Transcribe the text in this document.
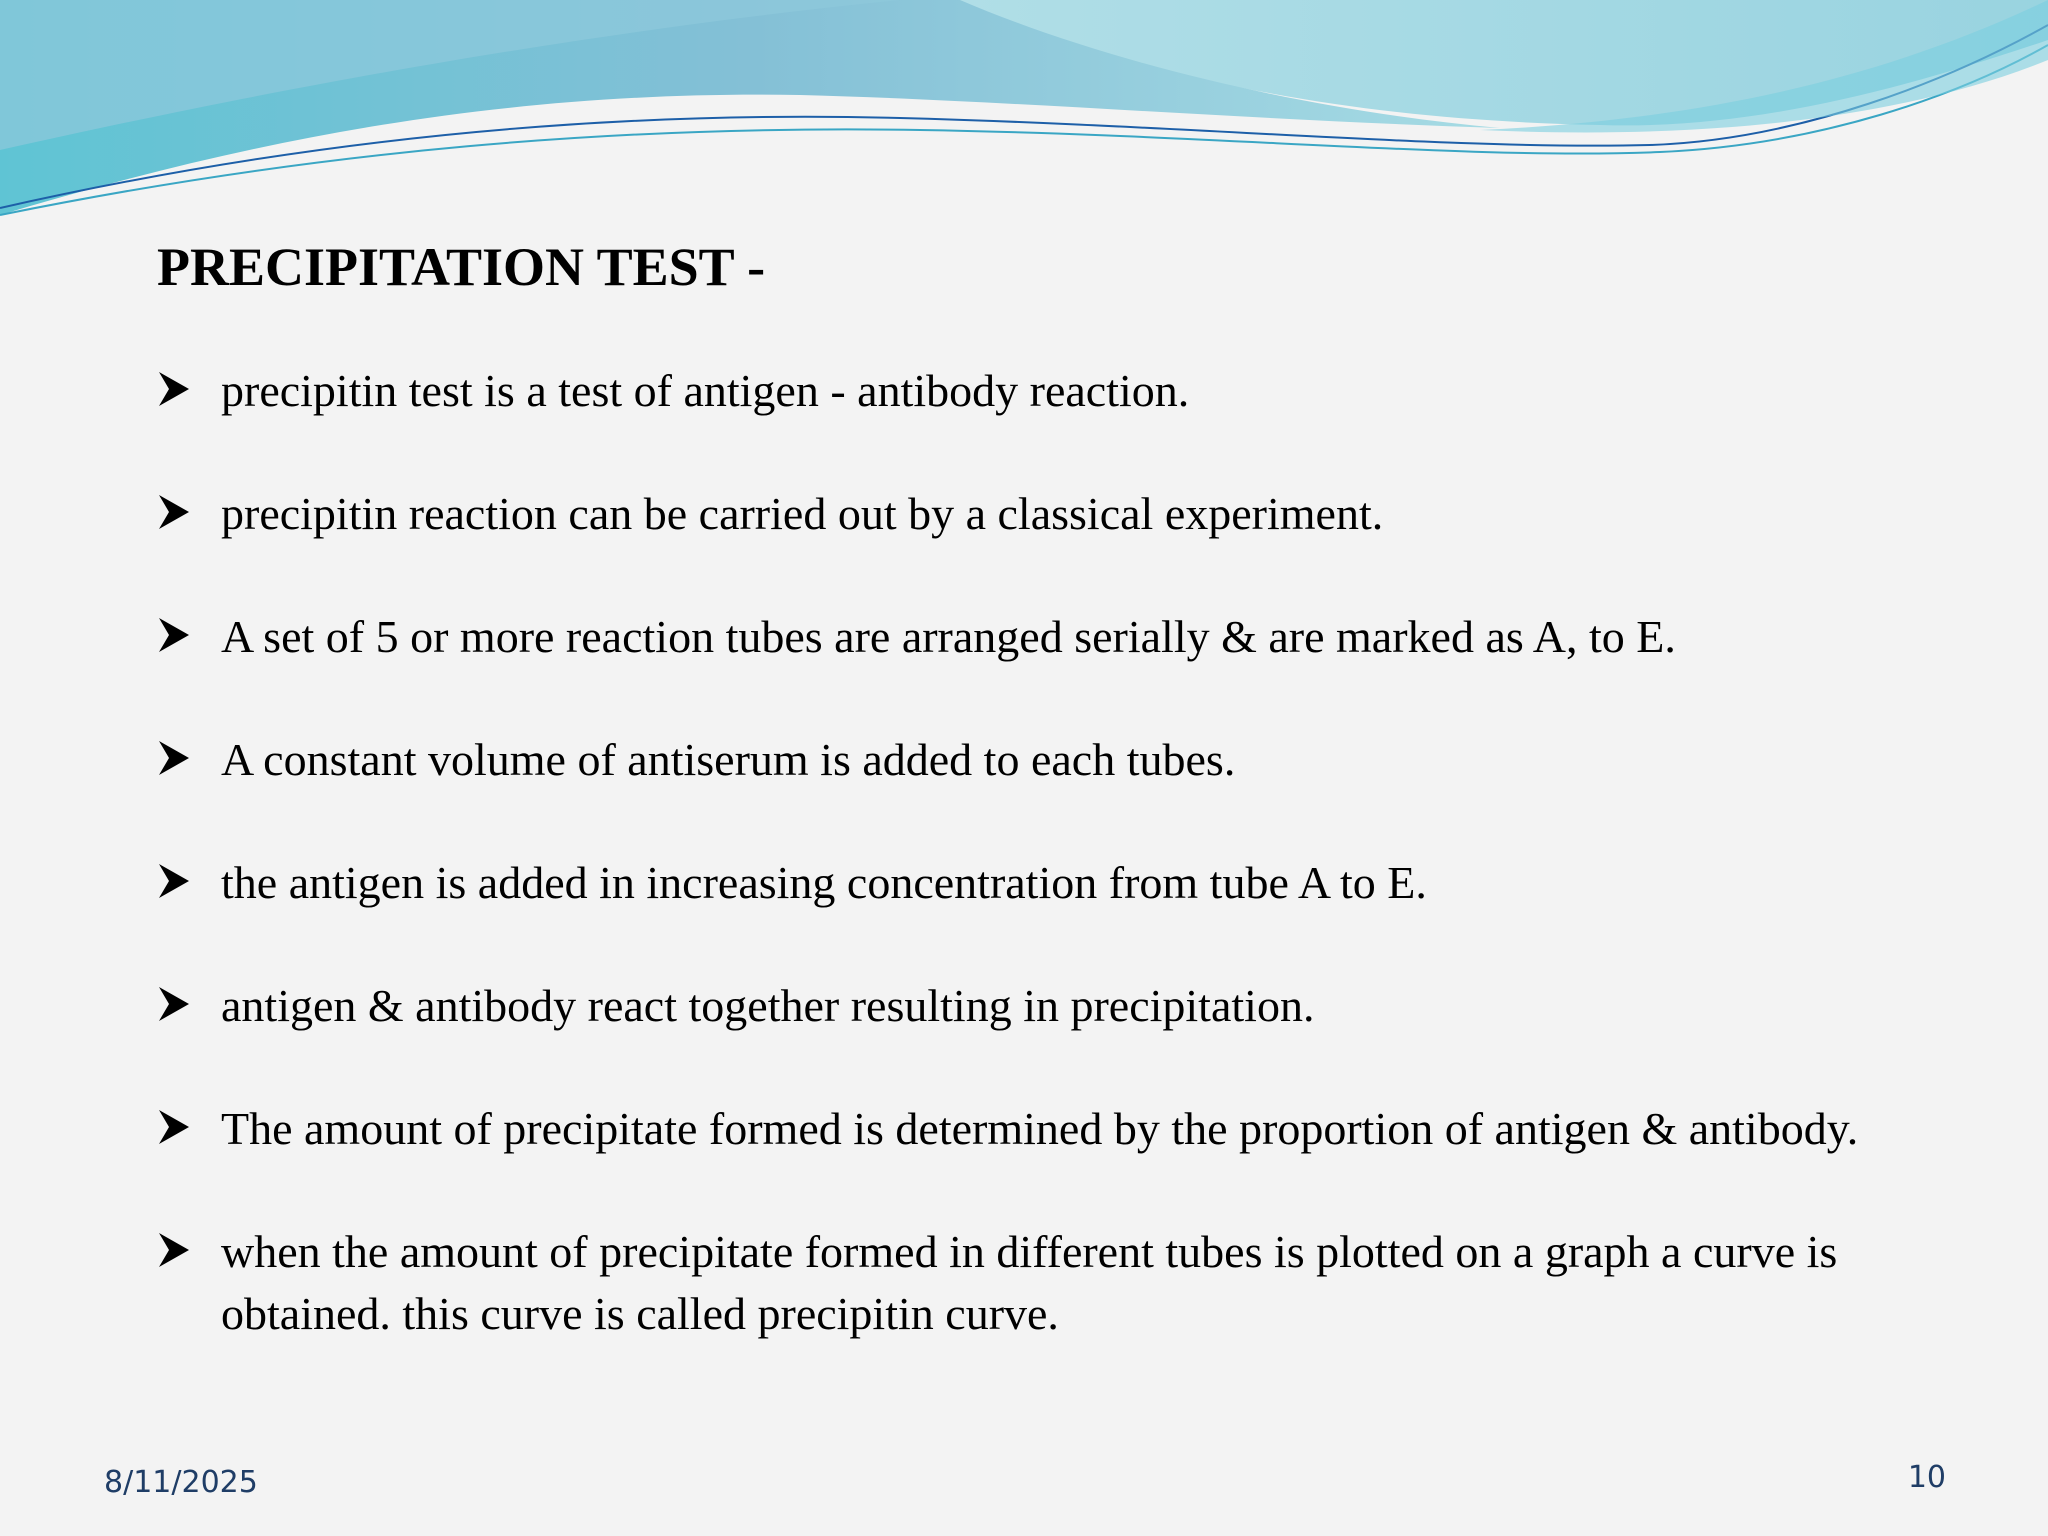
PRECIPITATION TEST -
precipitin test is a test of antigen - antibody reaction.
precipitin reaction can be carried out by a classical experiment.
A set of 5 or more reaction tubes are arranged serially & are marked as A, to E.
A constant volume of antiserum is added to each tubes.
the antigen is added in increasing concentration from tube A to E.
antigen & antibody react together resulting in precipitation.
The amount of precipitate formed is determined by the proportion of antigen & antibody.
when the amount of precipitate formed in different tubes is plotted on a graph a curve is obtained. this curve is called precipitin curve.
8/11/2025	10
